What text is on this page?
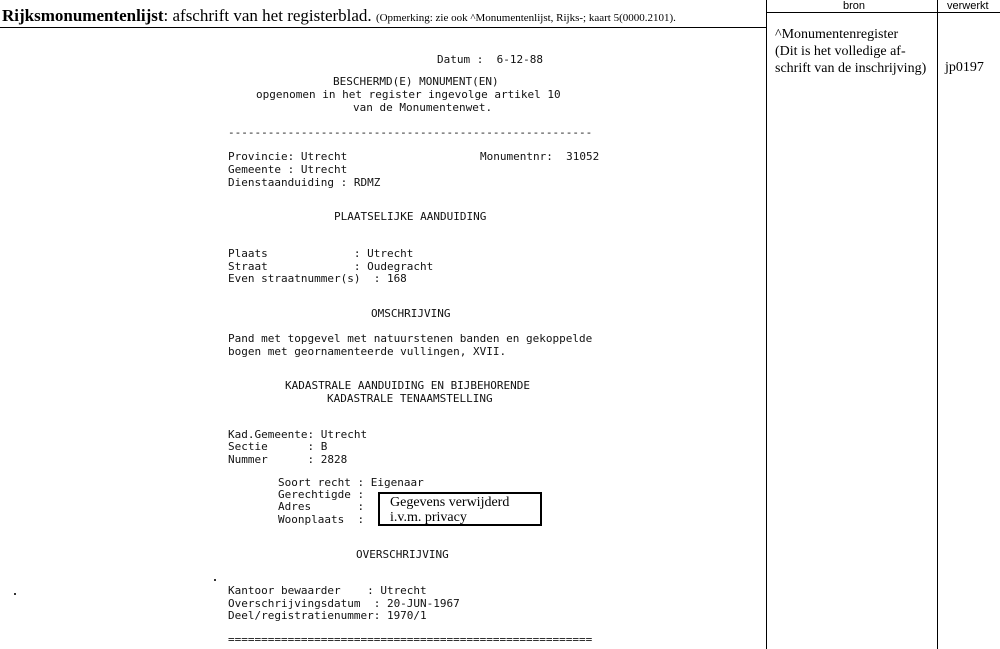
Rijksmonumentenlijst: afschrift van het registerblad. (Opmerking: zie ook ^Monumentenlijst, Rijks-; kaart 5(0000.2101).
bron	verwerkt
^Monumentenregister
(Dit is het volledige af-
schrift van de inschrijving) jp0197
Datum :  6-12-88
BESCHERMD(E) MONUMENT(EN)
opgenomen in het register ingevolge artikel 10
van de Monumentenwet.
-------------------------------------------------------
Provincie: Utrecht	Monumentnr:  31052
Gemeente : Utrecht
Dienstaanduiding : RDMZ
PLAATSELIJKE AANDUIDING
Plaats             : Utrecht
Straat             : Oudegracht
Even straatnummer(s)  : 168
OMSCHRIJVING
Pand met topgevel met natuurstenen banden en gekoppelde
bogen met geornamenteerde vullingen, XVII.
KADASTRALE AANDUIDING EN BIJBEHORENDE
KADASTRALE TENAAMSTELLING
Kad.Gemeente: Utrecht
Sectie      : B
Nummer      : 2828
Soort recht : Eigenaar
Gerechtigde :
Adres       :
Woonplaats  :
Gegevens verwijderd i.v.m. privacy
OVERSCHRIJVING
Kantoor bewaarder    : Utrecht
Overschrijvingsdatum  : 20-JUN-1967
Deel/registratienummer: 1970/1
=======================================================
